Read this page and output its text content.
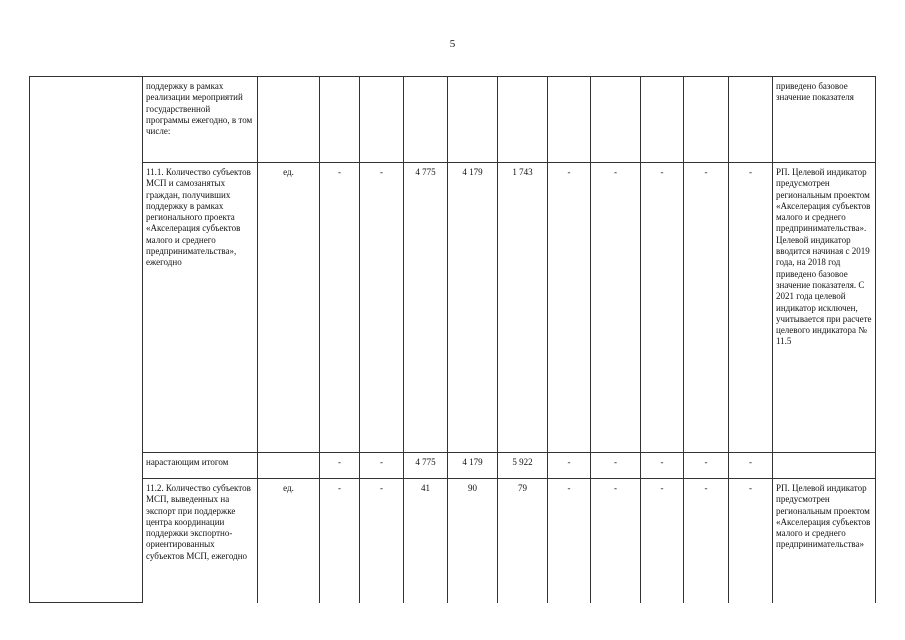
5
	поддержку в рамках реализации мероприятий государственной программы ежегодно, в том числе:												приведено базовое значение показателя
	11.1. Количество субъектов МСП и самозанятых граждан, получивших поддержку в рамках регионального проекта «Акселерация субъектов малого и среднего предпринимательства», ежегодно	ед.	-	-	4 775	4 179	1 743	-	-	-	-	-	РП. Целевой индикатор предусмотрен региональным проектом «Акселерация субъектов малого и среднего предпринимательства». Целевой индикатор вводится начиная с 2019 года, на 2018 год приведено базовое значение показателя. С 2021 года целевой индикатор исключен, учитывается при расчете целевого индикатора № 11.5
	нарастающим итогом		-	-	4 775	4 179	5 922	-	-	-	-	-	
	11.2. Количество субъектов МСП, выведенных на экспорт при поддержке центра координации поддержки экспортно-ориентированных субъектов МСП, ежегодно	ед.	-	-	41	90	79	-	-	-	-	-	РП. Целевой индикатор предусмотрен региональным проектом «Акселерация субъектов малого и среднего предпринимательства»
